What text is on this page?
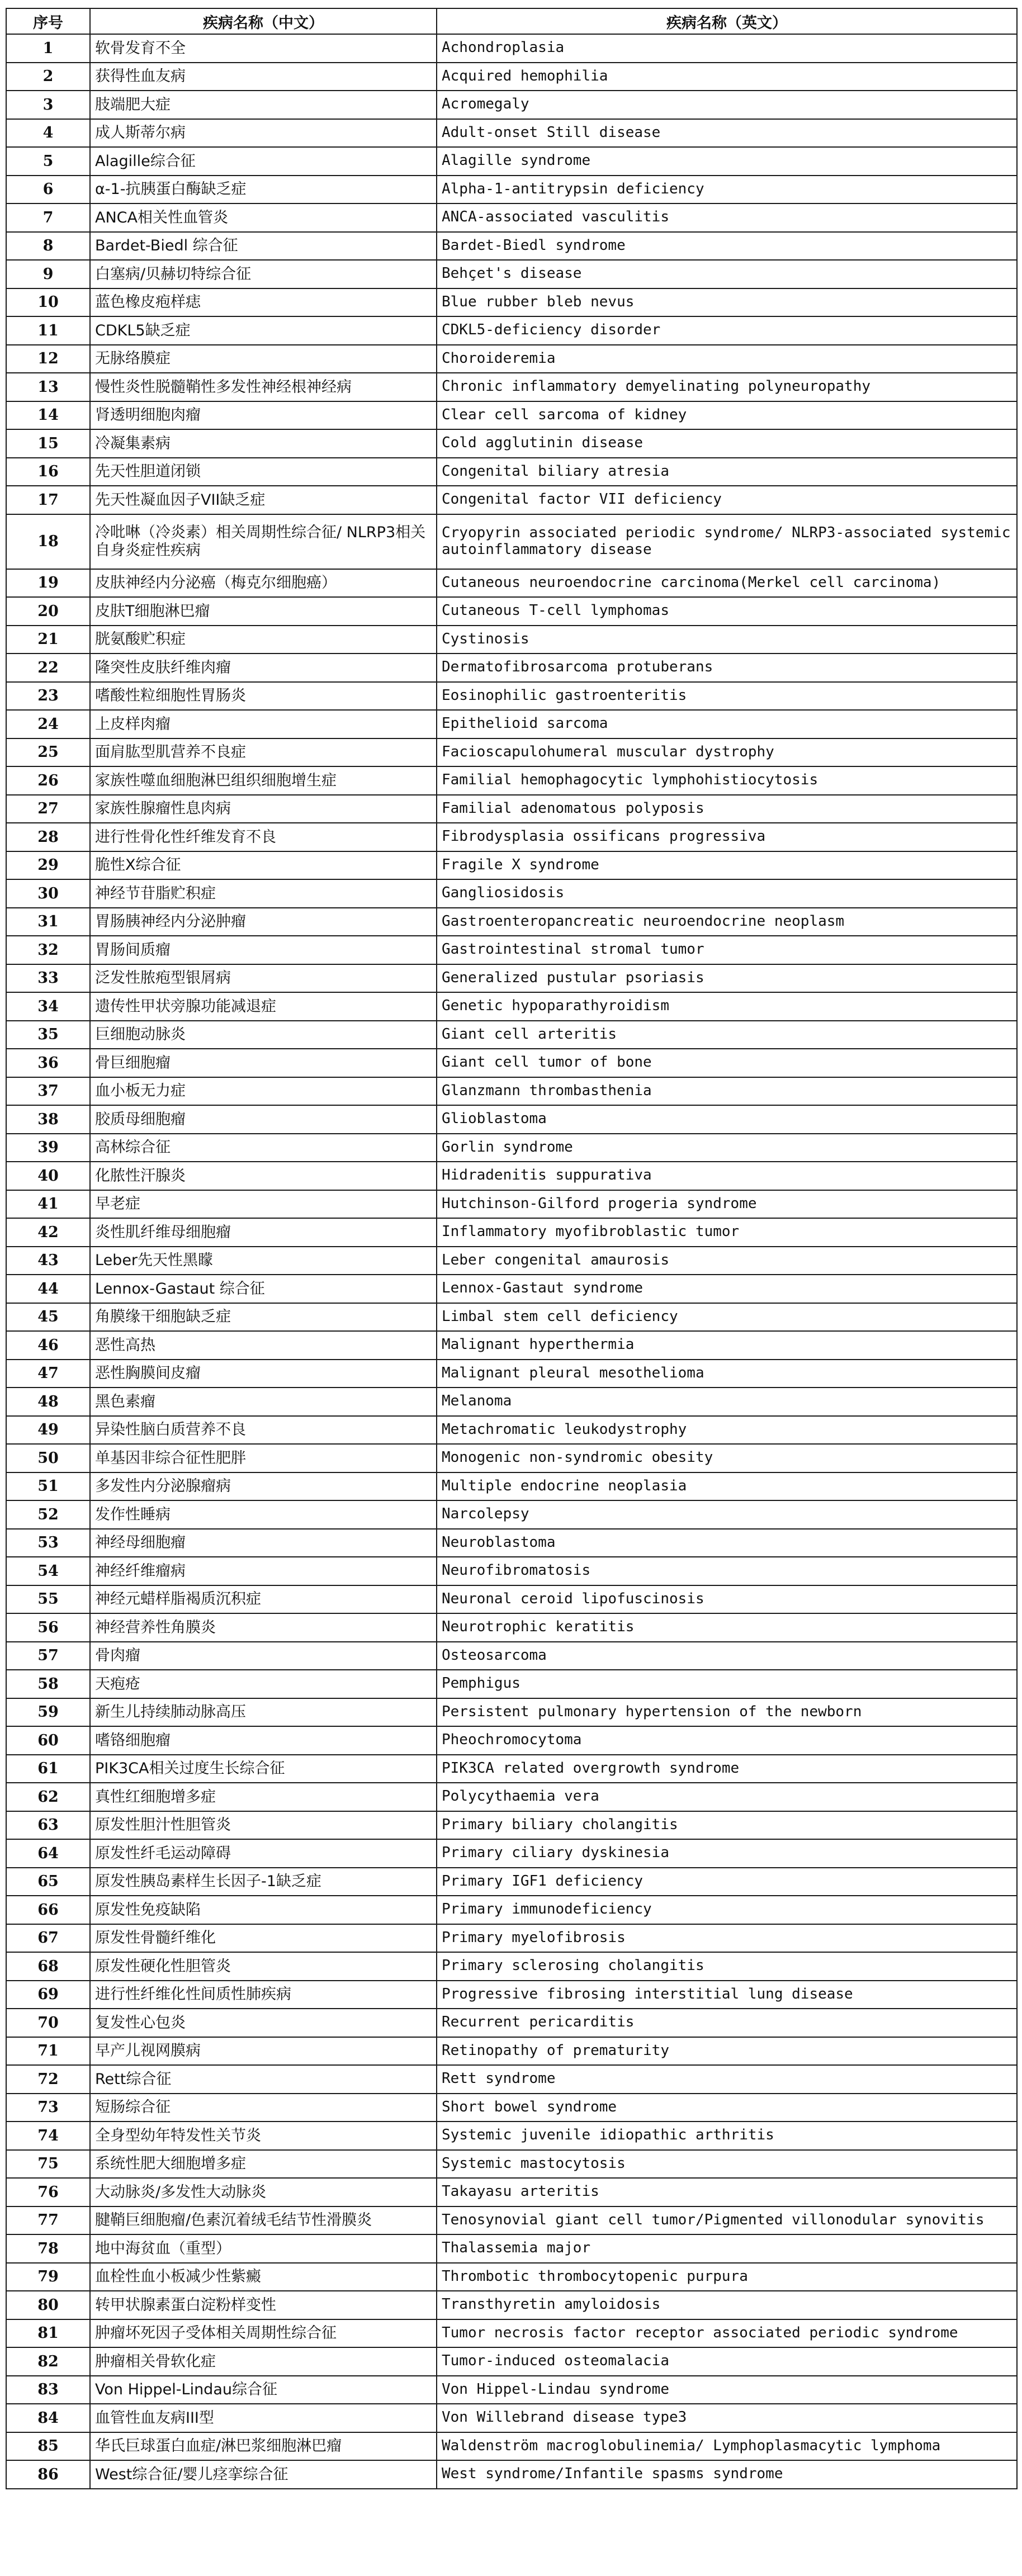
序号	疾病名称（中文）	疾病名称（英文）
1	软骨发育不全	Achondroplasia
2	获得性血友病	Acquired hemophilia
3	肢端肥大症	Acromegaly
4	成人斯蒂尔病	Adult-onset Still disease
5	Alagille综合征	Alagille syndrome
6	α-1-抗胰蛋白酶缺乏症	Alpha-1-antitrypsin deficiency
7	ANCA相关性血管炎	ANCA-associated vasculitis
8	Bardet-Biedl 综合征	Bardet-Biedl syndrome
9	白塞病/贝赫切特综合征	Behçet's disease
10	蓝色橡皮疱样痣	Blue rubber bleb nevus
11	CDKL5缺乏症	CDKL5-deficiency disorder
12	无脉络膜症	Choroideremia
13	慢性炎性脱髓鞘性多发性神经根神经病	Chronic inflammatory demyelinating polyneuropathy
14	肾透明细胞肉瘤	Clear cell sarcoma of kidney
15	冷凝集素病	Cold agglutinin disease
16	先天性胆道闭锁	Congenital biliary atresia
17	先天性凝血因子VII缺乏症	Congenital factor VII deficiency
18	冷吡啉（冷炎素）相关周期性综合征/ NLRP3相关自身炎症性疾病	Cryopyrin associated periodic syndrome/ NLRP3-associated systemic autoinflammatory disease
19	皮肤神经内分泌癌（梅克尔细胞癌）	Cutaneous neuroendocrine carcinoma(Merkel cell carcinoma)
20	皮肤T细胞淋巴瘤	Cutaneous T-cell lymphomas
21	胱氨酸贮积症	Cystinosis
22	隆突性皮肤纤维肉瘤	Dermatofibrosarcoma protuberans
23	嗜酸性粒细胞性胃肠炎	Eosinophilic gastroenteritis
24	上皮样肉瘤	Epithelioid sarcoma
25	面肩肱型肌营养不良症	Facioscapulohumeral muscular dystrophy
26	家族性噬血细胞淋巴组织细胞增生症	Familial hemophagocytic lymphohistiocytosis
27	家族性腺瘤性息肉病	Familial adenomatous polyposis
28	进行性骨化性纤维发育不良	Fibrodysplasia ossificans progressiva
29	脆性X综合征	Fragile X syndrome
30	神经节苷脂贮积症	Gangliosidosis
31	胃肠胰神经内分泌肿瘤	Gastroenteropancreatic neuroendocrine neoplasm
32	胃肠间质瘤	Gastrointestinal stromal tumor
33	泛发性脓疱型银屑病	Generalized pustular psoriasis
34	遗传性甲状旁腺功能减退症	Genetic hypoparathyroidism
35	巨细胞动脉炎	Giant cell arteritis
36	骨巨细胞瘤	Giant cell tumor of bone
37	血小板无力症	Glanzmann thrombasthenia
38	胶质母细胞瘤	Glioblastoma
39	高林综合征	Gorlin syndrome
40	化脓性汗腺炎	Hidradenitis suppurativa
41	早老症	Hutchinson-Gilford progeria syndrome
42	炎性肌纤维母细胞瘤	Inflammatory myofibroblastic tumor
43	Leber先天性黑矇	Leber congenital amaurosis
44	Lennox-Gastaut 综合征	Lennox-Gastaut syndrome
45	角膜缘干细胞缺乏症	Limbal stem cell deficiency
46	恶性高热	Malignant hyperthermia
47	恶性胸膜间皮瘤	Malignant pleural mesothelioma
48	黑色素瘤	Melanoma
49	异染性脑白质营养不良	Metachromatic leukodystrophy
50	单基因非综合征性肥胖	Monogenic non-syndromic obesity
51	多发性内分泌腺瘤病	Multiple endocrine neoplasia
52	发作性睡病	Narcolepsy
53	神经母细胞瘤	Neuroblastoma
54	神经纤维瘤病	Neurofibromatosis
55	神经元蜡样脂褐质沉积症	Neuronal ceroid lipofuscinosis
56	神经营养性角膜炎	Neurotrophic keratitis
57	骨肉瘤	Osteosarcoma
58	天疱疮	Pemphigus
59	新生儿持续肺动脉高压	Persistent pulmonary hypertension of the newborn
60	嗜铬细胞瘤	Pheochromocytoma
61	PIK3CA相关过度生长综合征	PIK3CA related overgrowth syndrome
62	真性红细胞增多症	Polycythaemia vera
63	原发性胆汁性胆管炎	Primary biliary cholangitis
64	原发性纤毛运动障碍	Primary ciliary dyskinesia
65	原发性胰岛素样生长因子-1缺乏症	Primary IGF1 deficiency
66	原发性免疫缺陷	Primary immunodeficiency
67	原发性骨髓纤维化	Primary myelofibrosis
68	原发性硬化性胆管炎	Primary sclerosing cholangitis
69	进行性纤维化性间质性肺疾病	Progressive fibrosing interstitial lung disease
70	复发性心包炎	Recurrent pericarditis
71	早产儿视网膜病	Retinopathy of prematurity
72	Rett综合征	Rett syndrome
73	短肠综合征	Short bowel syndrome
74	全身型幼年特发性关节炎	Systemic juvenile idiopathic arthritis
75	系统性肥大细胞增多症	Systemic mastocytosis
76	大动脉炎/多发性大动脉炎	Takayasu arteritis
77	腱鞘巨细胞瘤/色素沉着绒毛结节性滑膜炎	Tenosynovial giant cell tumor/Pigmented villonodular synovitis
78	地中海贫血（重型）	Thalassemia major
79	血栓性血小板减少性紫癜	Thrombotic thrombocytopenic purpura
80	转甲状腺素蛋白淀粉样变性	Transthyretin amyloidosis
81	肿瘤坏死因子受体相关周期性综合征	Tumor necrosis factor receptor associated periodic syndrome
82	肿瘤相关骨软化症	Tumor-induced osteomalacia
83	Von Hippel-Lindau综合征	Von Hippel-Lindau syndrome
84	血管性血友病III型	Von Willebrand disease type3
85	华氏巨球蛋白血症/淋巴浆细胞淋巴瘤	Waldenström macroglobulinemia/ Lymphoplasmacytic lymphoma
86	West综合征/婴儿痉挛综合征	West syndrome/Infantile spasms syndrome
